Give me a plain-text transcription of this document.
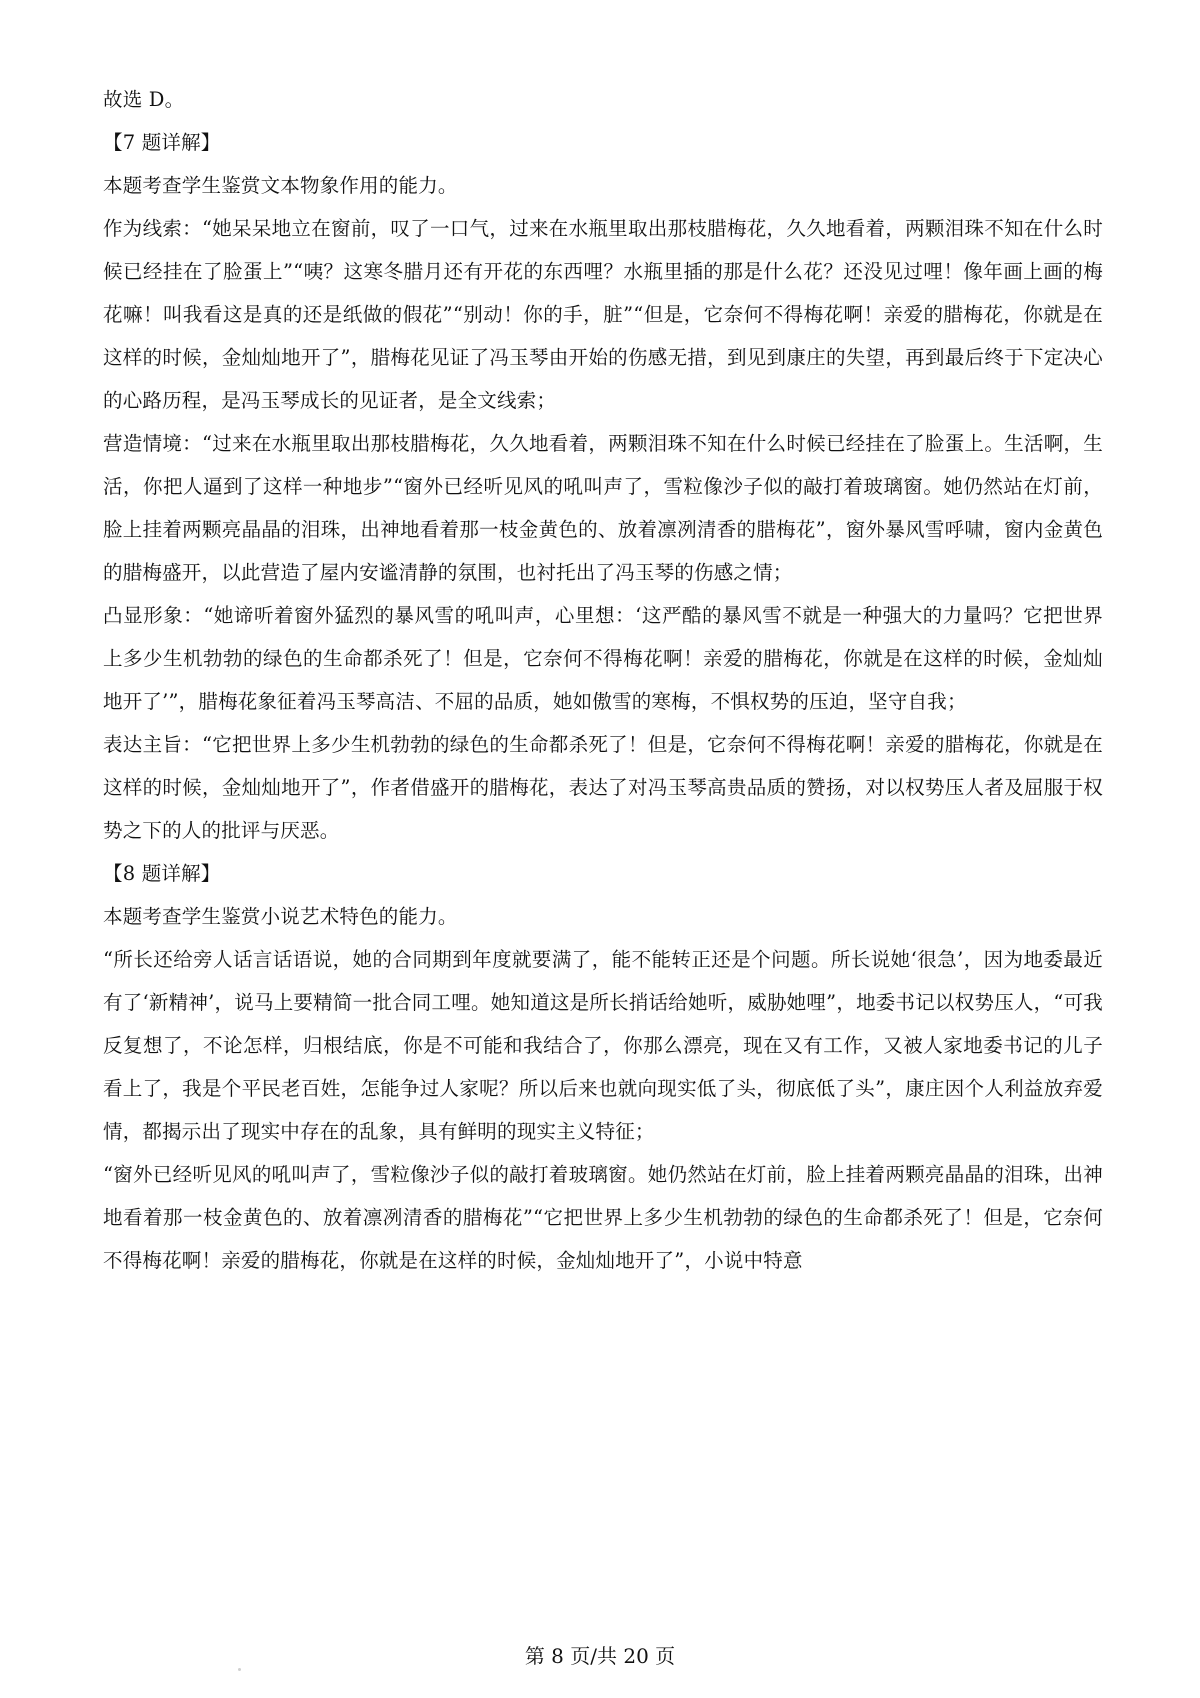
故选 D。

【7 题详解】

本题考查学生鉴赏文本物象作用的能力。

作为线索：“她呆呆地立在窗前，叹了一口气，过来在水瓶里取出那枝腊梅花，久久地看着，两颗泪珠不知在什么时候已经挂在了脸蛋上”“咦？这寒冬腊月还有开花的东西哩？水瓶里插的那是什么花？还没见过哩！像年画上画的梅花嘛！叫我看这是真的还是纸做的假花”“别动！你的手，脏”“但是，它奈何不得梅花啊！亲爱的腊梅花，你就是在这样的时候，金灿灿地开了”，腊梅花见证了冯玉琴由开始的伤感无措，到见到康庄的失望，再到最后终于下定决心的心路历程，是冯玉琴成长的见证者，是全文线索；

营造情境：“过来在水瓶里取出那枝腊梅花，久久地看着，两颗泪珠不知在什么时候已经挂在了脸蛋上。生活啊，生活，你把人逼到了这样一种地步”“窗外已经听见风的吼叫声了，雪粒像沙子似的敲打着玻璃窗。她仍然站在灯前，脸上挂着两颗亮晶晶的泪珠，出神地看着那一枝金黄色的、放着凛冽清香的腊梅花”，窗外暴风雪呼啸，窗内金黄色的腊梅盛开，以此营造了屋内安谧清静的氛围，也衬托出了冯玉琴的伤感之情；

凸显形象：“她谛听着窗外猛烈的暴风雪的吼叫声，心里想：‘这严酷的暴风雪不就是一种强大的力量吗？它把世界上多少生机勃勃的绿色的生命都杀死了！但是，它奈何不得梅花啊！亲爱的腊梅花，你就是在这样的时候，金灿灿地开了’”，腊梅花象征着冯玉琴高洁、不屈的品质，她如傲雪的寒梅，不惧权势的压迫，坚守自我；

表达主旨：“它把世界上多少生机勃勃的绿色的生命都杀死了！但是，它奈何不得梅花啊！亲爱的腊梅花，你就是在这样的时候，金灿灿地开了”，作者借盛开的腊梅花，表达了对冯玉琴高贵品质的赞扬，对以权势压人者及屈服于权势之下的人的批评与厌恶。

【8 题详解】

本题考查学生鉴赏小说艺术特色的能力。

“所长还给旁人话言话语说，她的合同期到年度就要满了，能不能转正还是个问题。所长说她‘很急’，因为地委最近有了‘新精神’，说马上要精简一批合同工哩。她知道这是所长捎话给她听，威胁她哩”，地委书记以权势压人，“可我反复想了，不论怎样，归根结底，你是不可能和我结合了，你那么漂亮，现在又有工作，又被人家地委书记的儿子看上了，我是个平民老百姓，怎能争过人家呢？所以后来也就向现实低了头，彻底低了头”，康庄因个人利益放弃爱情，都揭示出了现实中存在的乱象，具有鲜明的现实主义特征；

“窗外已经听见风的吼叫声了，雪粒像沙子似的敲打着玻璃窗。她仍然站在灯前，脸上挂着两颗亮晶晶的泪珠，出神地看着那一枝金黄色的、放着凛冽清香的腊梅花”“它把世界上多少生机勃勃的绿色的生命都杀死了！但是，它奈何不得梅花啊！亲爱的腊梅花，你就是在这样的时候，金灿灿地开了”，小说中特意

第 8 页/共 20 页
